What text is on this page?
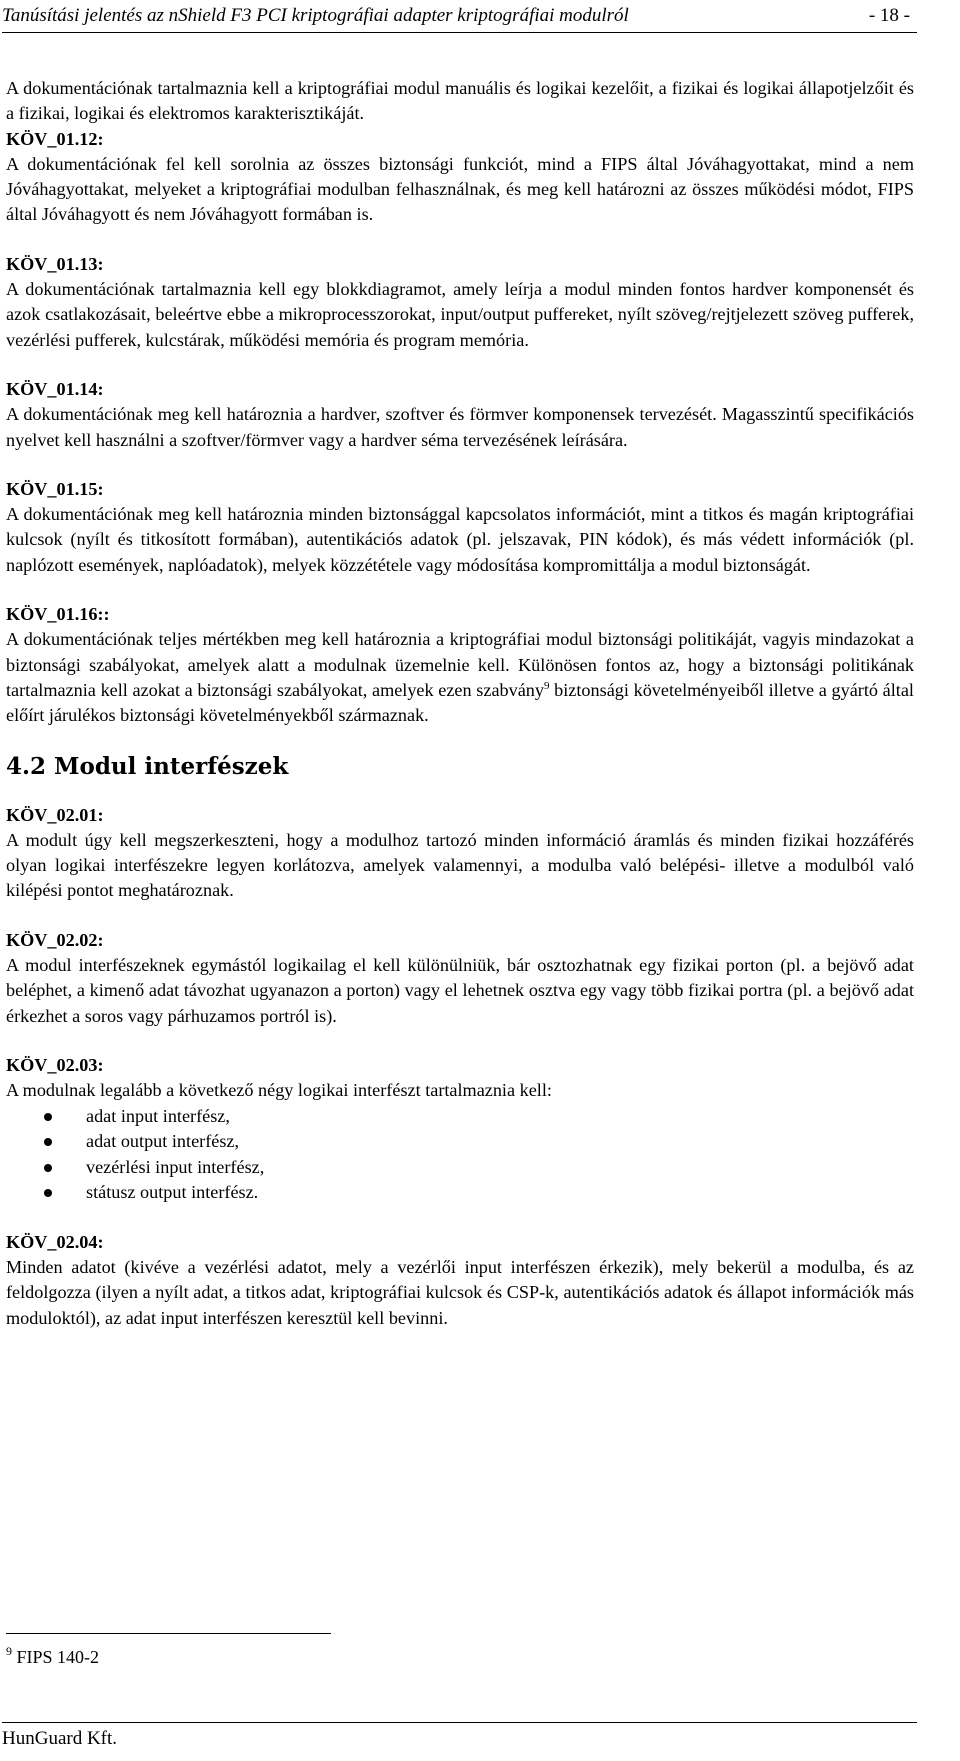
Tanúsítási jelentés az nShield F3 PCI kriptográfiai adapter kriptográfiai modulról	- 18 -

A dokumentációnak tartalmaznia kell a kriptográfiai modul manuális és logikai kezelőit, a fizikai és logikai állapotjelzőit és a fizikai, logikai és elektromos karakterisztikáját.

KÖV_01.12:

A dokumentációnak fel kell sorolnia az összes biztonsági funkciót, mind a FIPS által Jóváhagyottakat, mind a nem Jóváhagyottakat, melyeket a kriptográfiai modulban felhasználnak, és meg kell határozni az összes működési módot, FIPS által Jóváhagyott és nem Jóváhagyott formában is.

KÖV_01.13:

A dokumentációnak tartalmaznia kell egy blokkdiagramot, amely leírja a modul minden fontos hardver komponensét és azok csatlakozásait, beleértve ebbe a mikroprocesszorokat, input/output puffereket, nyílt szöveg/rejtjelezett szöveg pufferek, vezérlési pufferek, kulcstárak, működési memória és program memória.

KÖV_01.14:

A dokumentációnak meg kell határoznia a hardver, szoftver és förmver komponensek tervezését. Magasszintű specifikációs nyelvet kell használni a szoftver/förmver vagy a hardver séma tervezésének leírására.

KÖV_01.15:

A dokumentációnak meg kell határoznia minden biztonsággal kapcsolatos információt, mint a titkos és magán kriptográfiai kulcsok (nyílt és titkosított formában), autentikációs adatok (pl. jelszavak, PIN kódok), és más védett információk (pl. naplózott események, naplóadatok), melyek közzététele vagy módosítása kompromittálja a modul biztonságát.

KÖV_01.16::

A dokumentációnak teljes mértékben meg kell határoznia a kriptográfiai modul biztonsági politikáját, vagyis mindazokat a biztonsági szabályokat, amelyek alatt a modulnak üzemelnie kell. Különösen fontos az, hogy a biztonsági politikának tartalmaznia kell azokat a biztonsági szabályokat, amelyek ezen szabvány$^9$ biztonsági követelményeiből illetve a gyártó által előírt járulékos biztonsági követelményekből származnak.

4.2 Modul interfészek

KÖV_02.01:

A modult úgy kell megszerkeszteni, hogy a modulhoz tartozó minden információ áramlás és minden fizikai hozzáférés olyan logikai interfészekre legyen korlátozva, amelyek valamennyi, a modulba való belépési- illetve a modulból való kilépési pontot meghatároznak.

KÖV_02.02:

A modul interfészeknek egymástól logikailag el kell különülniük, bár osztozhatnak egy fizikai porton (pl. a bejövő adat beléphet, a kimenő adat távozhat ugyanazon a porton) vagy el lehetnek osztva egy vagy több fizikai portra (pl. a bejövő adat érkezhet a soros vagy párhuzamos portról is).

KÖV_02.03:

A modulnak legalább a következő négy logikai interfészt tartalmaznia kell:

adat input interfész,
adat output interfész,
vezérlési input interfész,
státusz output interfész.

KÖV_02.04:

Minden adatot (kivéve a vezérlési adatot, mely a vezérlői input interfészen érkezik), mely bekerül a modulba, és az feldolgozza (ilyen a nyílt adat, a titkos adat, kriptográfiai kulcsok és CSP-k, autentikációs adatok és állapot információk más moduloktól), az adat input interfészen keresztül kell bevinni.

$^9$ FIPS 140-2
HunGuard Kft.
